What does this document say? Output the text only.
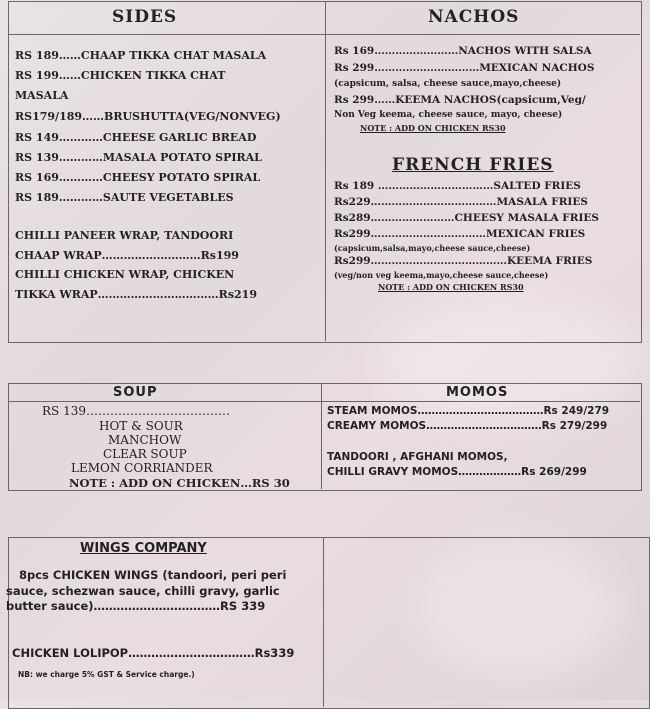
SIDES
RS 189……CHAAP TIKKA CHAT MASALA
RS 199……CHICKEN TIKKA CHAT
MASALA
RS179/189……BRUSHUTTA(VEG/NONVEG)
RS 149…………CHEESE GARLIC BREAD
RS 139…………MASALA POTATO SPIRAL
RS 169…………CHEESY POTATO SPIRAL
RS 189…………SAUTE VEGETABLES
CHILLI PANEER WRAP, TANDOORI
CHAAP WRAP………………………Rs199
CHILLI CHICKEN WRAP, CHICKEN
TIKKA WRAP……………………………Rs219
NACHOS
Rs 169……………………NACHOS WITH SALSA
Rs 299…………………………MEXICAN NACHOS
(capsicum, salsa, cheese sauce,mayo,cheese)
Rs 299……KEEMA NACHOS(capsicum,Veg/
Non Veg keema, cheese sauce, mayo, cheese)
NOTE : ADD ON CHICKEN RS30
FRENCH FRIES
Rs 189 ……………………………SALTED FRIES
Rs229………………………………MASALA FRIES
Rs289……………………CHEESY MASALA FRIES
Rs299……………………………MEXICAN FRIES
(capsicum,salsa,mayo,cheese sauce,cheese)
Rs299…………………………………KEEMA FRIES
(veg/non veg keema,mayo,cheese sauce,cheese)
NOTE : ADD ON CHICKEN RS30
SOUP
RS 139………………………………
HOT & SOUR
MANCHOW
CLEAR SOUP
LEMON CORRIANDER
NOTE : ADD ON CHICKEN…RS 30
MOMOS
STEAM MOMOS………………………………Rs 249/279
CREAMY MOMOS……………………………Rs 279/299
TANDOORI , AFGHANI MOMOS,
CHILLI GRAVY MOMOS………………Rs 269/299
WINGS COMPANY
8pcs CHICKEN WINGS (tandoori, peri peri
sauce, schezwan sauce, chilli gravy, garlic
butter sauce)……………………………RS 339
CHICKEN LOLIPOP……………………………Rs339
NB: we charge 5% GST & Service charge.)
